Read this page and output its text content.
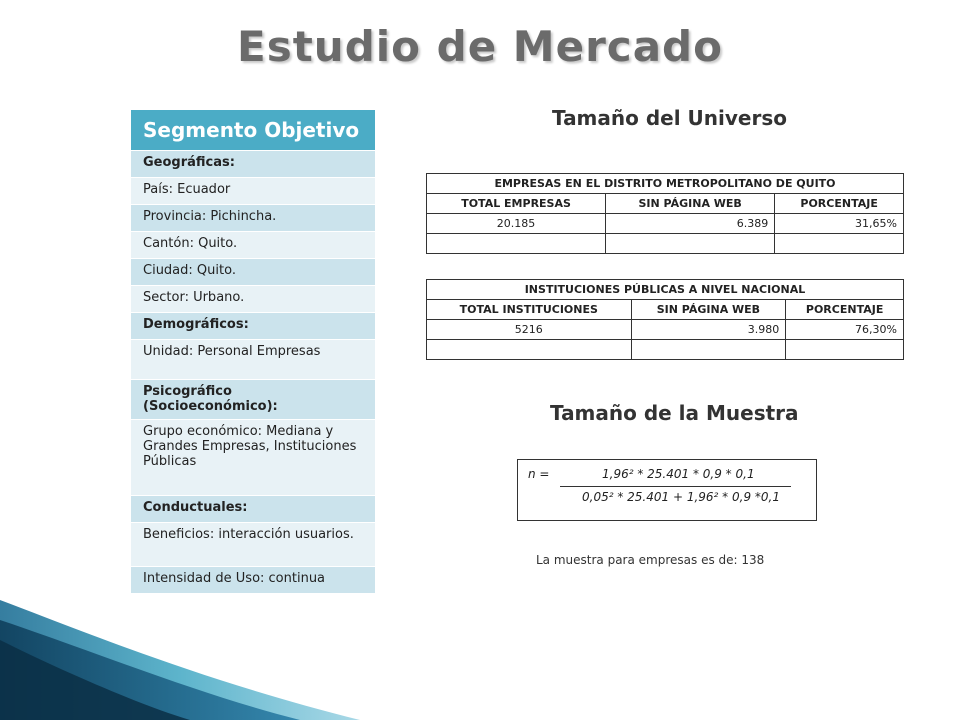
Estudio de Mercado
Segmento Objetivo
Geográficas:
País: Ecuador
Provincia: Pichincha.
Cantón: Quito.
Ciudad: Quito.
Sector: Urbano.
Demográficos:
Unidad: Personal Empresas
Psicográfico (Socioeconómico):
Grupo económico: Mediana y Grandes Empresas, Instituciones Públicas
Conductuales:
Beneficios: interacción usuarios.
Intensidad de Uso: continua
Tamaño del Universo
EMPRESAS EN EL DISTRITO METROPOLITANO DE QUITO		
TOTAL EMPRESAS	SIN PÁGINA WEB	PORCENTAJE
20.185	6.389	31,65%

INSTITUCIONES PÚBLICAS A NIVEL NACIONAL		
TOTAL INSTITUCIONES	SIN PÁGINA WEB	PORCENTAJE
5216	3.980	76,30%

Tamaño de la Muestra
n =	1,96² * 25.401 * 0,9 * 0,1
0,05² * 25.401 + 1,96² * 0,9 *0,1
La muestra para empresas es de: 138
